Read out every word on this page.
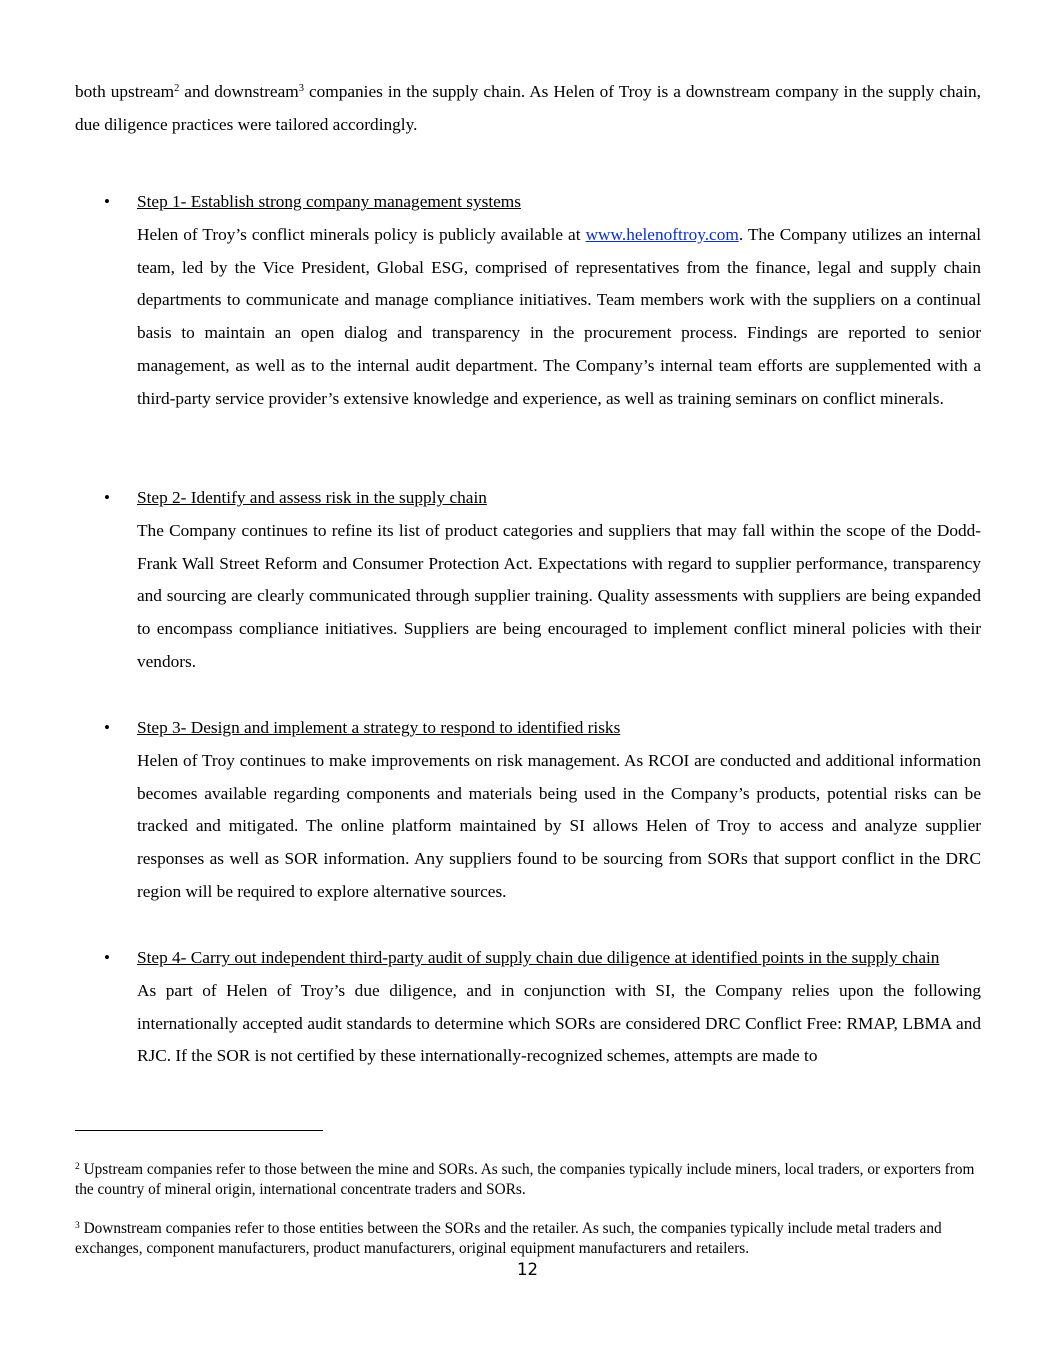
both upstream$^2$ and downstream$^3$ companies in the supply chain. As Helen of Troy is a downstream company in the supply chain, due diligence practices were tailored accordingly.

• Step 1- Establish strong company management systems
Helen of Troy’s conflict minerals policy is publicly available at www.helenoftroy.com. The Company utilizes an internal team, led by the Vice President, Global ESG, comprised of representatives from the finance, legal and supply chain departments to communicate and manage compliance initiatives. Team members work with the suppliers on a continual basis to maintain an open dialog and transparency in the procurement process. Findings are reported to senior management, as well as to the internal audit department. The Company’s internal team efforts are supplemented with a third-party service provider’s extensive knowledge and experience, as well as training seminars on conflict minerals.
• Step 2- Identify and assess risk in the supply chain
The Company continues to refine its list of product categories and suppliers that may fall within the scope of the Dodd-Frank Wall Street Reform and Consumer Protection Act. Expectations with regard to supplier performance, transparency and sourcing are clearly communicated through supplier training. Quality assessments with suppliers are being expanded to encompass compliance initiatives. Suppliers are being encouraged to implement conflict mineral policies with their vendors.
• Step 3- Design and implement a strategy to respond to identified risks
Helen of Troy continues to make improvements on risk management. As RCOI are conducted and additional information becomes available regarding components and materials being used in the Company’s products, potential risks can be tracked and mitigated. The online platform maintained by SI allows Helen of Troy to access and analyze supplier responses as well as SOR information. Any suppliers found to be sourcing from SORs that support conflict in the DRC region will be required to explore alternative sources.
• Step 4- Carry out independent third-party audit of supply chain due diligence at identified points in the supply chain
As part of Helen of Troy’s due diligence, and in conjunction with SI, the Company relies upon the following internationally accepted audit standards to determine which SORs are considered DRC Conflict Free: RMAP, LBMA and RJC. If the SOR is not certified by these internationally-recognized schemes, attempts are made to

$^2$ Upstream companies refer to those between the mine and SORs. As such, the companies typically include miners, local traders, or exporters from the country of mineral origin, international concentrate traders and SORs.

$^3$ Downstream companies refer to those entities between the SORs and the retailer. As such, the companies typically include metal traders and exchanges, component manufacturers, product manufacturers, original equipment manufacturers and retailers.

12
